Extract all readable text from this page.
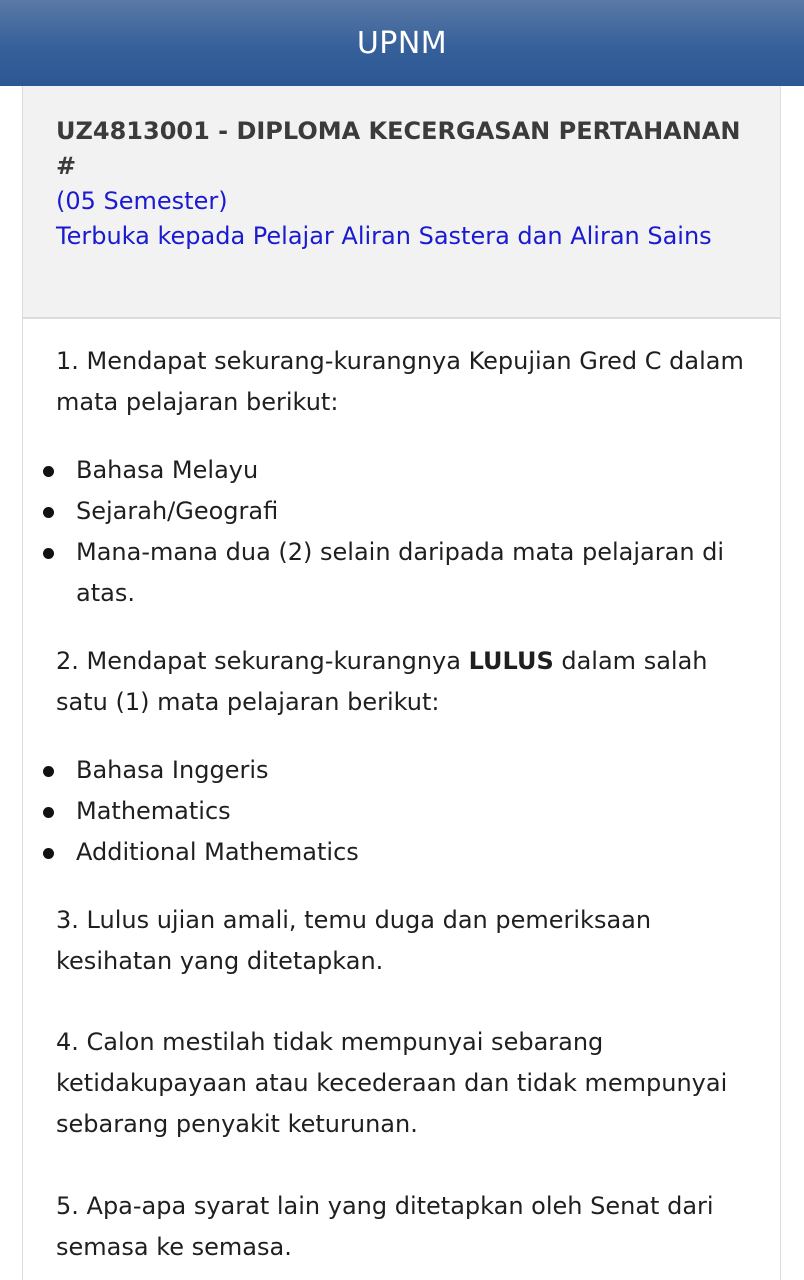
UPNM

UZ4813001 - DIPLOMA KECERGASAN PERTAHANAN #

(05 Semester)

Terbuka kepada Pelajar Aliran Sastera dan Aliran Sains

1. Mendapat sekurang-kurangnya Kepujian Gred C dalam mata pelajaran berikut:

Bahasa Melayu
Sejarah/Geografi
Mana-mana dua (2) selain daripada mata pelajaran di atas.

2. Mendapat sekurang-kurangnya LULUS dalam salah satu (1) mata pelajaran berikut:

Bahasa Inggeris
Mathematics
Additional Mathematics

3. Lulus ujian amali, temu duga dan pemeriksaan kesihatan yang ditetapkan.

4. Calon mestilah tidak mempunyai sebarang ketidakupayaan atau kecederaan dan tidak mempunyai sebarang penyakit keturunan.

5. Apa-apa syarat lain yang ditetapkan oleh Senat dari semasa ke semasa.
